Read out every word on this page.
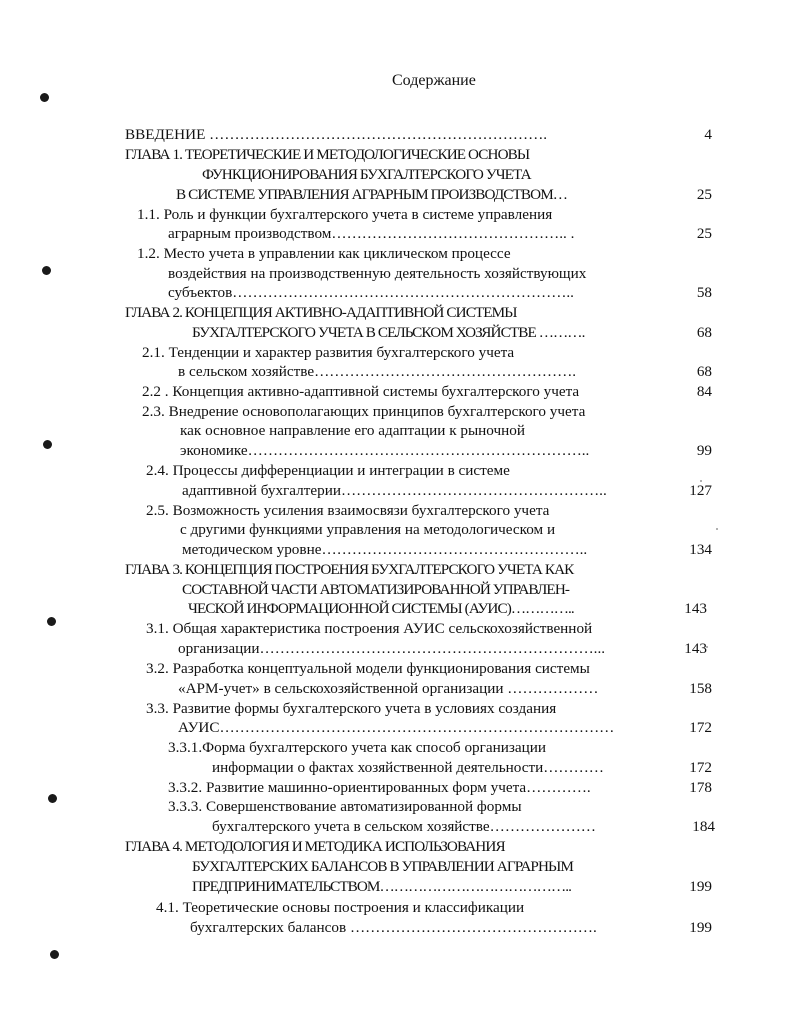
Содержание
ВВЕДЕНИЕ ………………………………………………………….	4
ГЛАВА 1. ТЕОРЕТИЧЕСКИЕ И МЕТОДОЛОГИЧЕСКИЕ ОСНОВЫ
ФУНКЦИОНИРОВАНИЯ БУХГАЛТЕРСКОГО УЧЕТА
В СИСТЕМЕ УПРАВЛЕНИЯ АГРАРНЫМ ПРОИЗВОДСТВОМ…	25
1.1. Роль и функции бухгалтерского учета в системе управления
аграрным производством……………………………………….. .	25
1.2. Место учета в управлении как циклическом процессе
воздействия на производственную деятельность хозяйствующих
субъектов…………………………………………………………..	58
ГЛАВА 2. КОНЦЕПЦИЯ АКТИВНО-АДАПТИВНОЙ СИСТЕМЫ
БУХГАЛТЕРСКОГО УЧЕТА В СЕЛЬСКОМ ХОЗЯЙСТВЕ ……….	68
2.1. Тенденции и характер развития бухгалтерского учета
в сельском хозяйстве…………………………………………….	68
2.2 . Концепция активно-адаптивной системы бухгалтерского учета	84
2.3. Внедрение основополагающих принципов бухгалтерского учета
как основное направление его адаптации к рыночной
экономике…………………………………………………………..	99
2.4. Процессы дифференциации и интеграции в системе
адаптивной бухгалтерии……………………………………………..	127
2.5. Возможность усиления взаимосвязи бухгалтерского учета
с другими функциями управления на методологическом и
методическом уровне……………………………………………..	134
ГЛАВА 3. КОНЦЕПЦИЯ ПОСТРОЕНИЯ БУХГАЛТЕРСКОГО УЧЕТА КАК
СОСТАВНОЙ ЧАСТИ АВТОМАТИЗИРОВАННОЙ УПРАВЛЕН-
ЧЕСКОЙ ИНФОРМАЦИОННОЙ СИСТЕМЫ (АУИС)…………..	143
3.1. Общая характеристика построения АУИС сельскохозяйственной
организации…………………………………………………………...	143
3.2. Разработка концептуальной модели функционирования системы
«АРМ-учет» в сельскохозяйственной организации ………………	158
3.3. Развитие формы бухгалтерского учета в условиях создания
АУИС……………………………………………………………………	172
3.3.1.Форма бухгалтерского учета как способ организации
информации о фактах хозяйственной деятельности…………	172
3.3.2. Развитие машинно-ориентированных форм учета………….	178
3.3.3. Совершенствование автоматизированной формы
бухгалтерского учета в сельском хозяйстве…………………	184
ГЛАВА 4. МЕТОДОЛОГИЯ И МЕТОДИКА ИСПОЛЬЗОВАНИЯ
БУХГАЛТЕРСКИХ БАЛАНСОВ В УПРАВЛЕНИИ АГРАРНЫМ
ПРЕДПРИНИМАТЕЛЬСТВОМ…………………………………..	199
4.1. Теоретические основы построения и классификации
бухгалтерских балансов ………………………………………….	199
